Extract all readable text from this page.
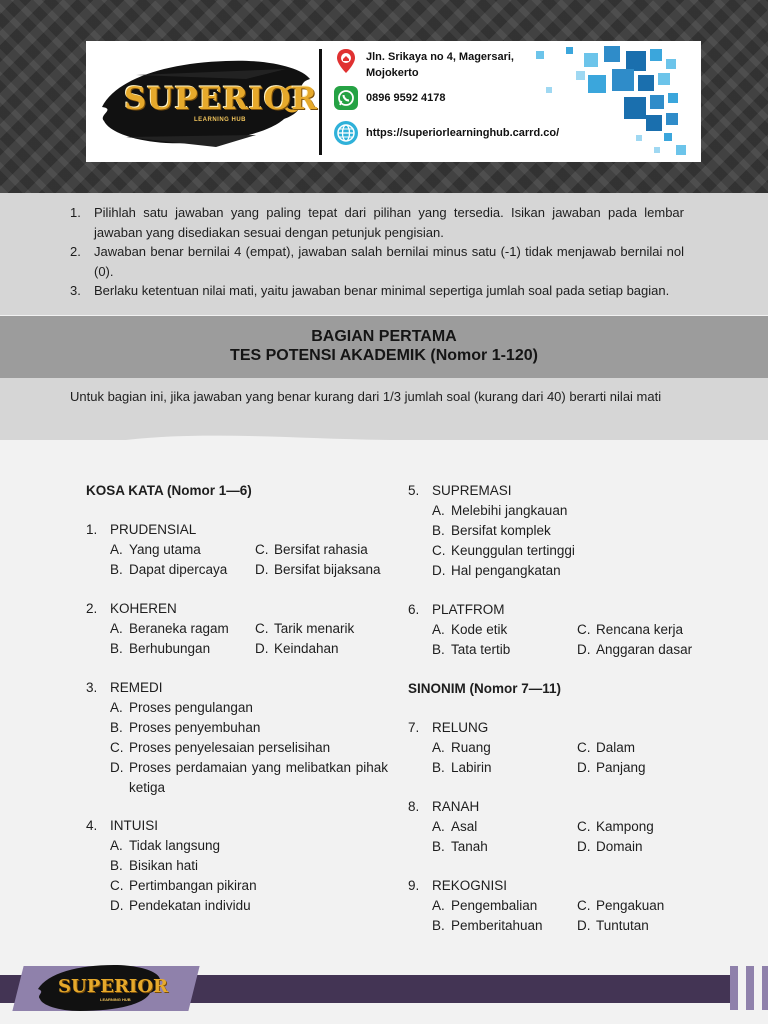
SUPERIOR
LEARNING HUB
Jln. Srikaya no 4, Magersari,
Mojokerto
0896 9592 4178
https://superiorlearninghub.carrd.co/
1.	Pilihlah satu jawaban yang paling tepat dari pilihan yang tersedia. Isikan jawaban pada lembar jawaban yang disediakan sesuai dengan petunjuk pengisian.
2.	Jawaban benar bernilai 4 (empat), jawaban salah bernilai minus satu (-1) tidak menjawab bernilai nol (0).
3.	Berlaku ketentuan nilai mati, yaitu jawaban benar minimal sepertiga jumlah soal pada setiap bagian.
BAGIAN PERTAMA
TES POTENSI AKADEMIK (Nomor 1-120)
Untuk bagian ini, jika jawaban yang benar kurang dari 1/3 jumlah soal (kurang dari 40) berarti nilai mati
KOSA KATA (Nomor 1—6)
1. PRUDENSIAL
A. Yang utama	C. Bersifat rahasia
B. Dapat dipercaya D. Bersifat bijaksana
2. KOHEREN
A. Beraneka ragam C. Tarik menarik
B. Berhubungan	D. Keindahan
3. REMEDI
A. Proses pengulangan
B. Proses penyembuhan
C. Proses penyelesaian perselisihan
D. Proses perdamaian yang melibatkan pihak ketiga
4. INTUISI
A. Tidak langsung
B. Bisikan hati
C. Pertimbangan pikiran
D. Pendekatan individu
5. SUPREMASI
A. Melebihi jangkauan
B. Bersifat komplek
C. Keunggulan tertinggi
D. Hal pengangkatan
6. PLATFROM
A. Kode etik	C. Rencana kerja
B. Tata tertib	D. Anggaran dasar
SINONIM (Nomor 7—11)
7. RELUNG
A. Ruang	C. Dalam
B. Labirin	D. Panjang
8. RANAH
A. Asal	C. Kampong
B. Tanah	D. Domain
9. REKOGNISI
A. Pengembalian	C. Pengakuan
B. Pemberitahuan	D. Tuntutan
SUPERIOR
LEARNING HUB
